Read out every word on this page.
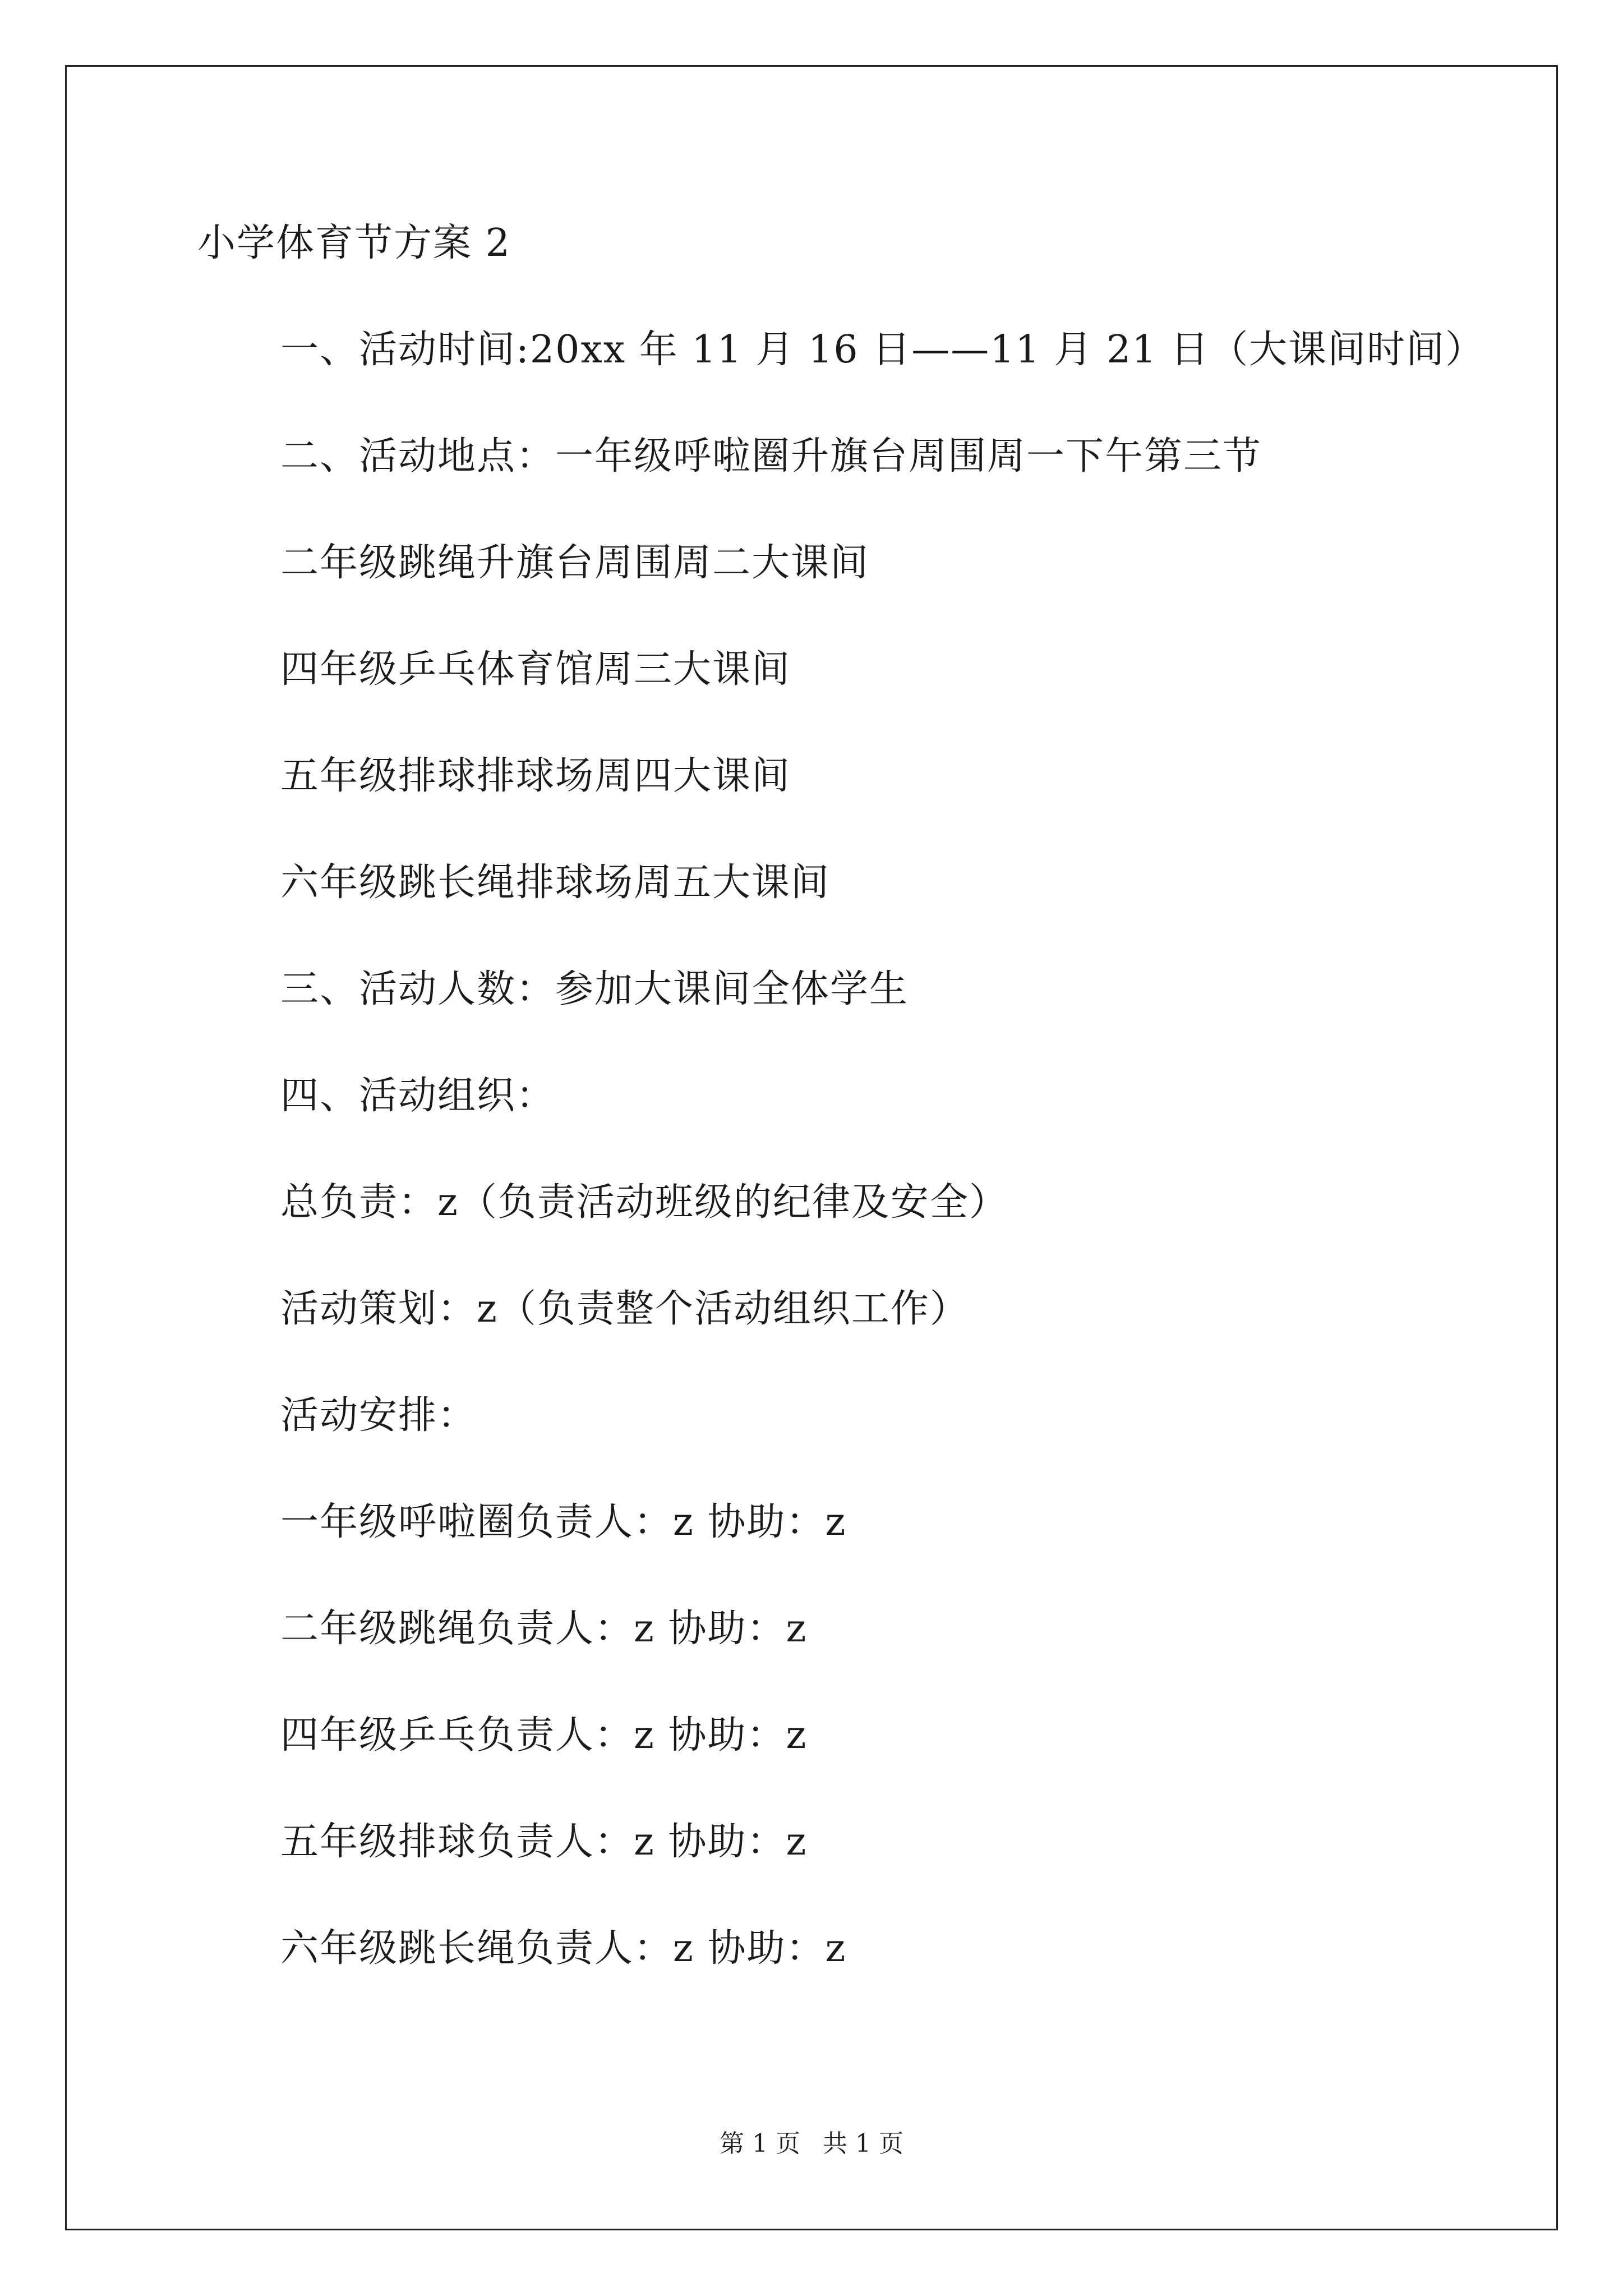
小学体育节方案 2
一、活动时间:20xx 年 11 月 16 日——11 月 21 日（大课间时间）
二、活动地点：一年级呼啦圈升旗台周围周一下午第三节
二年级跳绳升旗台周围周二大课间
四年级乒乓体育馆周三大课间
五年级排球排球场周四大课间
六年级跳长绳排球场周五大课间
三、活动人数：参加大课间全体学生
四、活动组织：
总负责：z（负责活动班级的纪律及安全）
活动策划：z（负责整个活动组织工作）
活动安排：
一年级呼啦圈负责人：z 协助：z
二年级跳绳负责人：z 协助：z
四年级乒乓负责人：z 协助：z
五年级排球负责人：z 协助：z
六年级跳长绳负责人：z 协助：z
第 1 页 共 1 页
